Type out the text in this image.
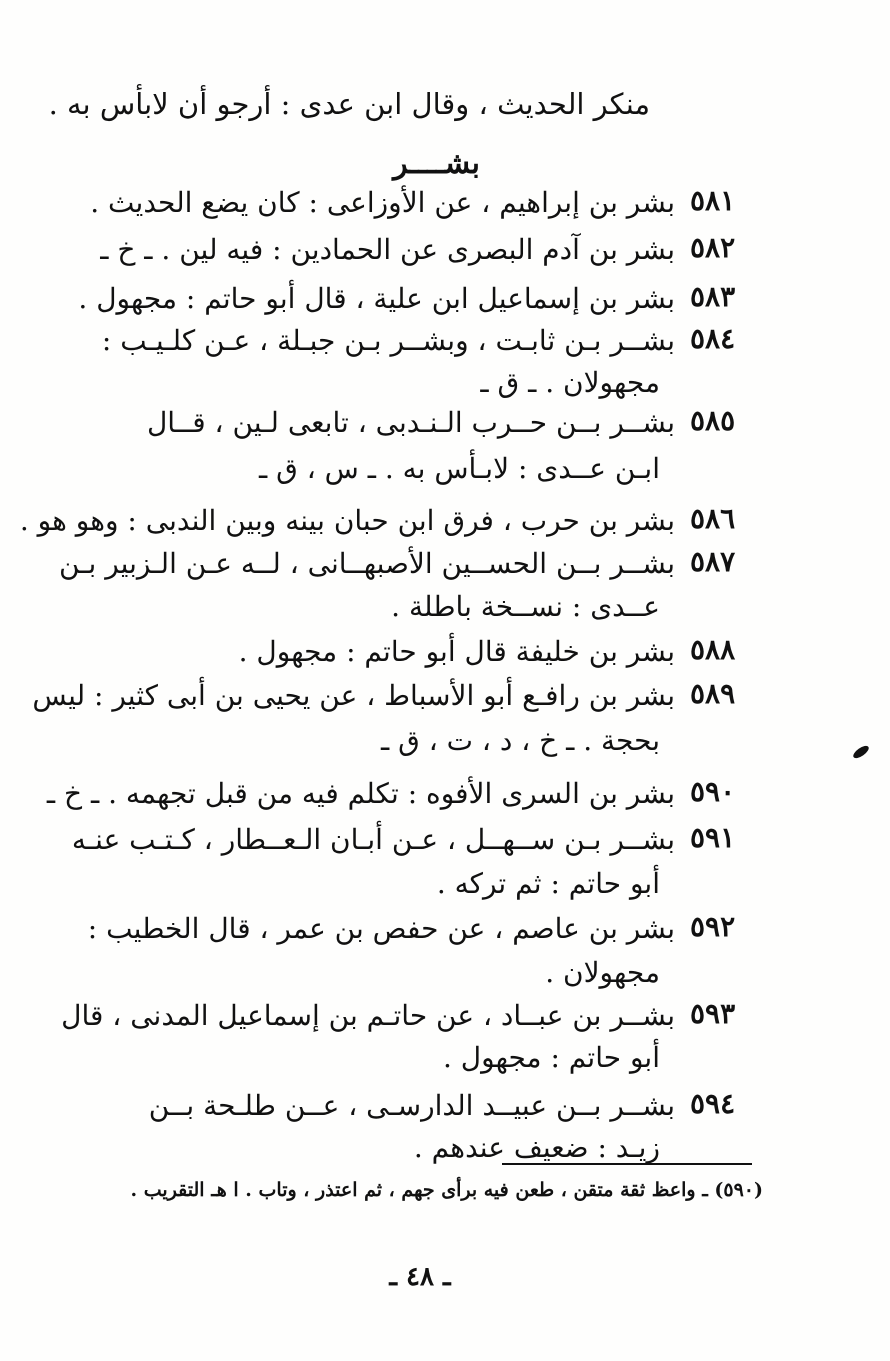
منكر الحديث ، وقال ابن عدى : أرجو أن لابأس به .
بشــــر
٥٨١
بشر بن إبراهيم ، عن الأوزاعى : كان يضع الحديث .
٥٨٢
بشر بن آدم البصرى عن الحمادين : فيه لين . ـ خ ـ
٥٨٣
بشر بن إسماعيل ابن علية ، قال أبو حاتم : مجهول .
٥٨٤
بشــر بـن ثابـت ، وبشــر بـن جبـلة ، عـن كلـيـب :
مجهولان . ـ ق ـ
٥٨٥
بشــر بــن حــرب الـنـدبى ، تابعى لـين ، قــال
ابـن عــدى : لابـأس به . ـ س ، ق ـ
٥٨٦
بشر بن حرب ، فرق ابن حبان بينه وبين الندبى : وهو هو .
٥٨٧
بشــر بــن الحســين الأصبهــانى ، لــه عـن الـزبير بـن
عــدى : نســخة باطلة .
٥٨٨
بشر بن خليفة قال أبو حاتم : مجهول .
٥٨٩
بشر بن رافـع أبو الأسباط ، عن يحيى بن أبى كثير : ليس
بحجة . ـ خ ، د ، ت ، ق ـ
٥٩٠
بشر بن السرى الأفوه : تكلم فيه من قبل تجهمه . ـ خ ـ
٥٩١
بشــر بـن ســهــل ، عـن أبـان الـعــطار ، كـتـب عنـه
أبو حاتم : ثم تركه .
٥٩٢
بشر بن عاصم ، عن حفص بن عمر ، قال الخطيب :
مجهولان .
٥٩٣
بشــر بن عبــاد ، عن حاتـم بن إسماعيل المدنى ، قال
أبو حاتم : مجهول .
٥٩٤
بشــر بــن عبيــد الدارسـى ، عــن طلـحة بــن
زيـد : ضعيف عندهم .
(٥٩٠) ـ واعظ ثقة متقن ، طعن فيه برأى جهم ، ثم اعتذر ، وتاب . ا هـ التقريب .
ـ ٤٨ ـ
